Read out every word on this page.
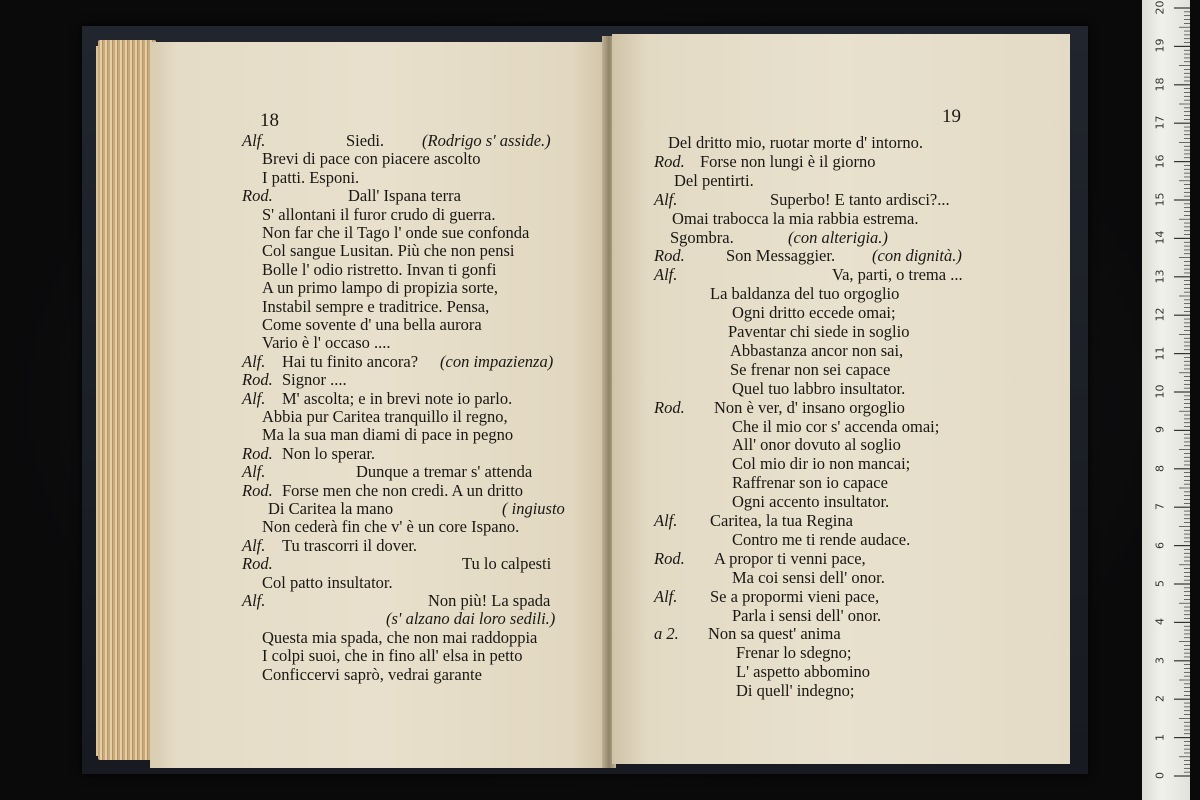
18
Alf.	Siedi. (Rodrigo s' asside.)
Brevi di pace con piacere ascolto
I patti. Esponi.
Rod.	Dall' Ispana terra
S' allontani il furor crudo di guerra.
Non far che il Tago l' onde sue confonda
Col sangue Lusitan. Più che non pensi
Bolle l' odio ristretto. Invan ti gonfi
A un primo lampo di propizia sorte,
Instabil sempre e traditrice. Pensa,
Come sovente d' una bella aurora
Vario è l' occaso ....
Alf. Hai tu finito ancora? (con impazienza)
Rod. Signor ....
Alf. M' ascolta; e in brevi note io parlo.
Abbia pur Caritea tranquillo il regno,
Ma la sua man diami di pace in pegno
Rod. Non lo sperar.
Alf.	Dunque a tremar s' attenda
Rod. Forse men che non credi. A un dritto
Di Caritea la mano	( ingiusto
Non cederà fin che v' è un core Ispano.
Alf. Tu trascorri il dover.
Rod.	Tu lo calpesti
Col patto insultator.
Alf.	Non più! La spada
(s' alzano dai loro sedili.)
Questa mia spada, che non mai raddoppia
I colpi suoi, che in fino all' elsa in petto
Conficcervi saprò, vedrai garante
19
Del dritto mio, ruotar morte d' intorno.
Rod. Forse non lungi è il giorno
Del pentirti.
Alf.	Superbo! E tanto ardisci?...
Omai trabocca la mia rabbia estrema.
Sgombra.	(con alterigia.)
Rod.	Son Messaggier. (con dignità.)
Alf.	Va, parti, o trema ...
La baldanza del tuo orgoglio
Ogni dritto eccede omai;
Paventar chi siede in soglio
Abbastanza ancor non sai,
Se frenar non sei capace
Quel tuo labbro insultator.
Rod. Non è ver, d' insano orgoglio
Che il mio cor s' accenda omai;
All' onor dovuto al soglio
Col mio dir io non mancai;
Raffrenar son io capace
Ogni accento insultator.
Alf. Caritea, la tua Regina
Contro me ti rende audace.
Rod. A propor ti venni pace,
Ma coi sensi dell' onor.
Alf. Se a propormi vieni pace,
Parla i sensi dell' onor.
a 2. Non sa quest' anima
Frenar lo sdegno;
L' aspetto abbomino
Di quell' indegno;
0
1
2
3
4
5
6
7
8
9
10
11
12
13
14
15
16
17
18
19
20
